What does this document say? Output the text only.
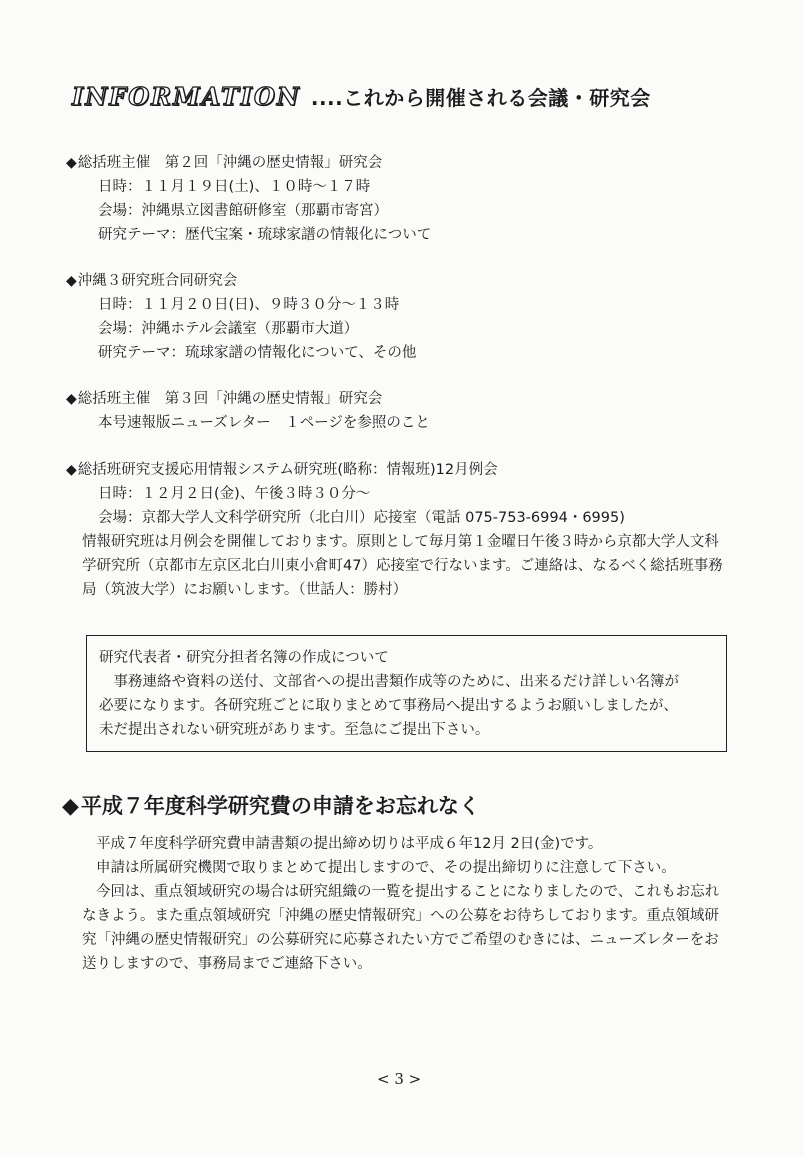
INFORMATION ....これから開催される会議・研究会
◆総括班主催　第２回「沖縄の歴史情報」研究会
日時：１１月１９日(土)、１０時～１７時
会場：沖縄県立図書館研修室（那覇市寄宮）
研究テーマ：歴代宝案・琉球家譜の情報化について
◆沖縄３研究班合同研究会
日時：１１月２０日(日)、９時３０分～１３時
会場：沖縄ホテル会議室（那覇市大道）
研究テーマ：琉球家譜の情報化について、その他
◆総括班主催　第３回「沖縄の歴史情報」研究会
本号速報版ニューズレター　１ページを参照のこと
◆総括班研究支援応用情報システム研究班(略称：情報班)12月例会
日時：１２月２日(金)、午後３時３０分～
会場：京都大学人文科学研究所（北白川）応接室（電話 075-753-6994・6995)
情報研究班は月例会を開催しております。原則として毎月第１金曜日午後３時から京都大学人文科
学研究所（京都市左京区北白川東小倉町47）応接室で行ないます。ご連絡は、なるべく総括班事務
局（筑波大学）にお願いします。（世話人：勝村）
研究代表者・研究分担者名簿の作成について
　事務連絡や資料の送付、文部省への提出書類作成等のために、出来るだけ詳しい名簿が
必要になります。各研究班ごとに取りまとめて事務局へ提出するようお願いしましたが、
未だ提出されない研究班があります。至急にご提出下さい。
◆平成７年度科学研究費の申請をお忘れなく
平成７年度科学研究費申請書類の提出締め切りは平成６年12月 2日(金)です。
申請は所属研究機関で取りまとめて提出しますので、その提出締切りに注意して下さい。
今回は、重点領域研究の場合は研究組織の一覧を提出することになりましたので、これもお忘れ
なきよう。また重点領域研究「沖縄の歴史情報研究」への公募をお待ちしております。重点領域研
究「沖縄の歴史情報研究」の公募研究に応募されたい方でご希望のむきには、ニューズレターをお
送りしますので、事務局までご連絡下さい。
< 3 >
